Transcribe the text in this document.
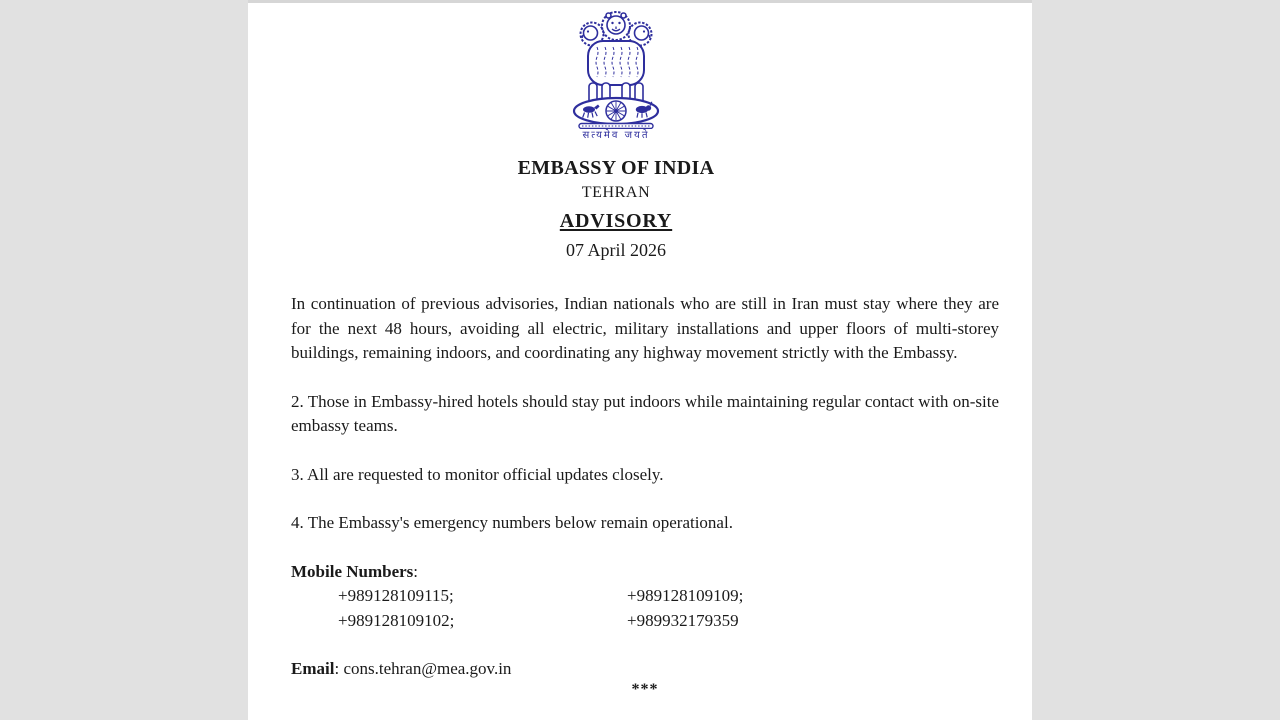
सत्यमेव जयते
EMBASSY OF INDIA
TEHRAN
ADVISORY
07 April 2026

In continuation of previous advisories, Indian nationals who are still in Iran must stay where they are for the next 48 hours, avoiding all electric, military installations and upper floors of multi-storey buildings, remaining indoors, and coordinating any highway movement strictly with the Embassy.

2. Those in Embassy-hired hotels should stay put indoors while maintaining regular contact with on-site embassy teams.

3. All are requested to monitor official updates closely.

4. The Embassy's emergency numbers below remain operational.

Mobile Numbers:
+989128109115;	+989128109109;
+989128109102;	+989932179359
Email: cons.tehran@mea.gov.in
***
